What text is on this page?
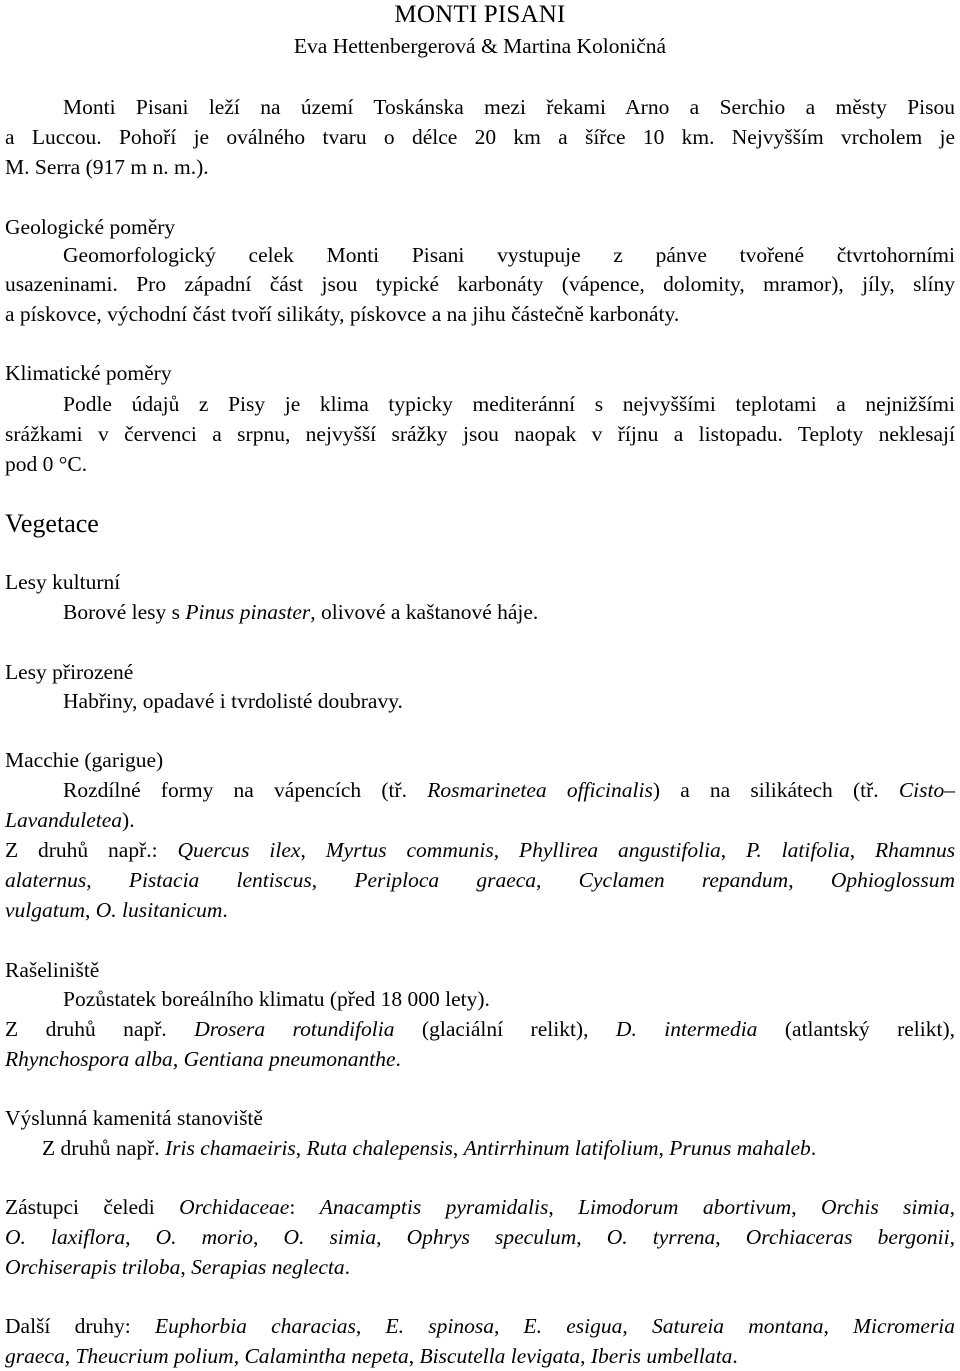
MONTI PISANI
Eva Hettenbergerová & Martina Koloničná
Monti Pisani leží na území Toskánska mezi řekami Arno a Serchio a městy Pisou
a Luccou. Pohoří je oválného tvaru o délce 20 km a šířce 10 km. Nejvyšším vrcholem je
M. Serra (917 m n. m.).
Geologické poměry
Geomorfologický celek Monti Pisani vystupuje z pánve tvořené čtvrtohorními
usazeninami. Pro západní část jsou typické karbonáty (vápence, dolomity, mramor), jíly, slíny
a pískovce, východní část tvoří silikáty, pískovce a na jihu částečně karbonáty.
Klimatické poměry
Podle údajů z Pisy je klima typicky mediteránní s nejvyššími teplotami a nejnižšími
srážkami v červenci a srpnu, nejvyšší srážky jsou naopak v říjnu a listopadu. Teploty neklesají
pod 0 °C.
Vegetace
Lesy kulturní
Borové lesy s Pinus pinaster, olivové a kaštanové háje.
Lesy přirozené
Habřiny, opadavé i tvrdolisté doubravy.
Macchie (garigue)
Rozdílné formy na vápencích (tř. Rosmarinetea officinalis) a na silikátech (tř. Cisto–
Lavanduletea).
Z druhů např.: Quercus ilex, Myrtus communis, Phyllirea angustifolia, P. latifolia, Rhamnus
alaternus, Pistacia lentiscus, Periploca graeca, Cyclamen repandum, Ophioglossum
vulgatum, O. lusitanicum.
Rašeliniště
Pozůstatek boreálního klimatu (před 18 000 lety).
Z druhů např. Drosera rotundifolia (glaciální relikt), D. intermedia (atlantský relikt),
Rhynchospora alba, Gentiana pneumonanthe.
Výslunná kamenitá stanoviště
Z druhů např. Iris chamaeiris, Ruta chalepensis, Antirrhinum latifolium, Prunus mahaleb.
Zástupci čeledi Orchidaceae: Anacamptis pyramidalis, Limodorum abortivum, Orchis simia,
O. laxiflora, O. morio, O. simia, Ophrys speculum, O. tyrrena, Orchiaceras bergonii,
Orchiserapis triloba, Serapias neglecta.
Další druhy: Euphorbia characias, E. spinosa, E. esigua, Satureia montana, Micromeria
graeca, Theucrium polium, Calamintha nepeta, Biscutella levigata, Iberis umbellata.
